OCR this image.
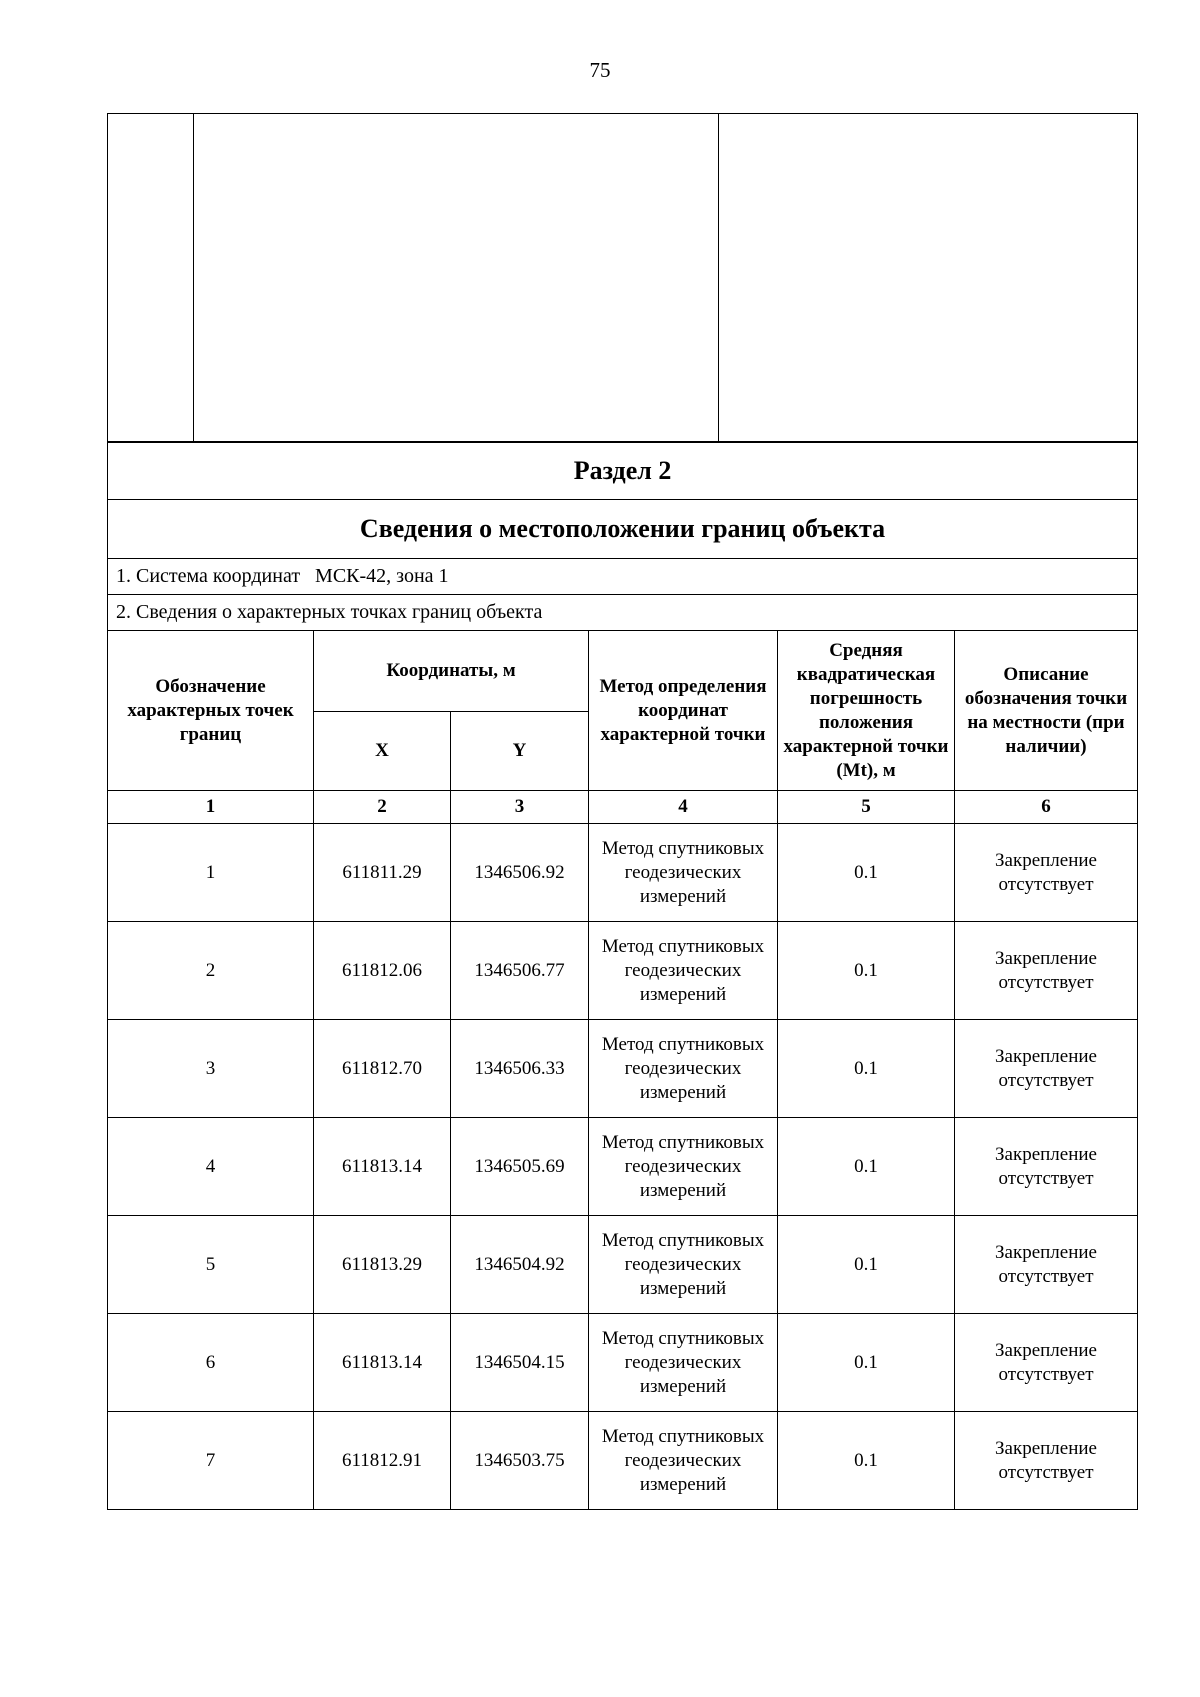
75

Раздел 2					
Сведения о местоположении границ объекта					
1. Система координат   МСК-42, зона 1					
2. Сведения о характерных точках границ объекта					
Обозначение характерных точек границ	Координаты, м		Метод определения координат характерной точки	Средняя квадратическая погрешность положения характерной точки (Mt), м	Описание обозначения точки на местности (при наличии)
	X	Y			
1	2	3	4	5	6
1	611811.29	1346506.92	Метод спутниковых геодезических измерений	0.1	Закрепление отсутствует
2	611812.06	1346506.77	Метод спутниковых геодезических измерений	0.1	Закрепление отсутствует
3	611812.70	1346506.33	Метод спутниковых геодезических измерений	0.1	Закрепление отсутствует
4	611813.14	1346505.69	Метод спутниковых геодезических измерений	0.1	Закрепление отсутствует
5	611813.29	1346504.92	Метод спутниковых геодезических измерений	0.1	Закрепление отсутствует
6	611813.14	1346504.15	Метод спутниковых геодезических измерений	0.1	Закрепление отсутствует
7	611812.91	1346503.75	Метод спутниковых геодезических измерений	0.1	Закрепление отсутствует
